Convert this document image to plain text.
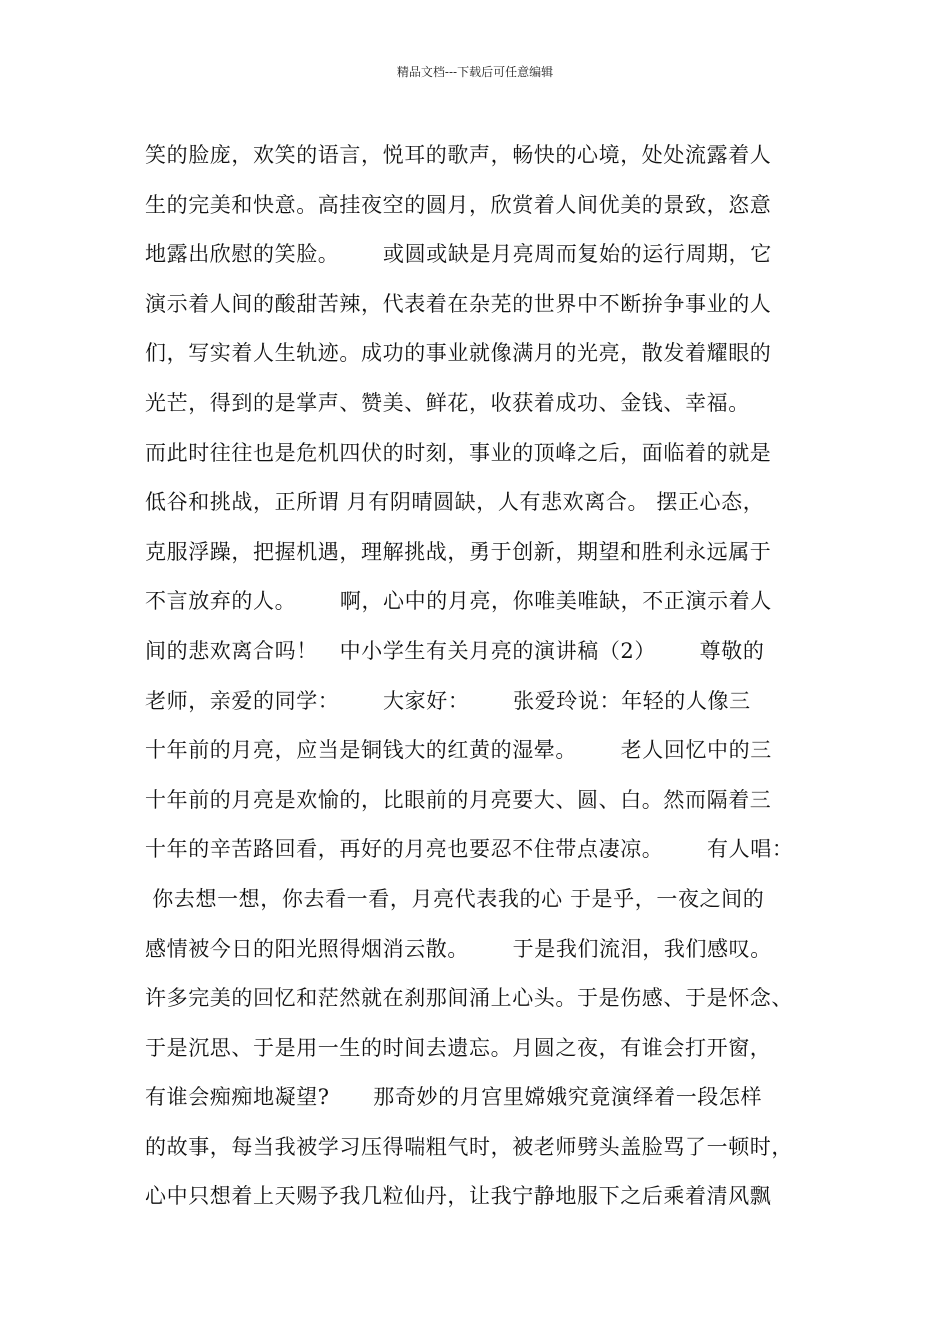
精品文档---下载后可任意编辑
笑的脸庞，欢笑的语言，悦耳的歌声，畅快的心境，处处流露着人
生的完美和快意。高挂夜空的圆月，欣赏着人间优美的景致，恣意
地露出欣慰的笑脸。      或圆或缺是月亮周而复始的运行周期，它
演示着人间的酸甜苦辣，代表着在杂芜的世界中不断拚争事业的人
们，写实着人生轨迹。成功的事业就像满月的光亮，散发着耀眼的
光芒，得到的是掌声、赞美、鲜花，收获着成功、金钱、幸福。
而此时往往也是危机四伏的时刻，事业的顶峰之后，面临着的就是
低谷和挑战，正所谓 月有阴晴圆缺，人有悲欢离合。 摆正心态，
克服浮躁，把握机遇，理解挑战，勇于创新，期望和胜利永远属于
不言放弃的人。      啊，心中的月亮，你唯美唯缺，不正演示着人
间的悲欢离合吗！   中小学生有关月亮的演讲稿（2）      尊敬的
老师，亲爱的同学：      大家好：      张爱玲说：年轻的人像三
十年前的月亮，应当是铜钱大的红黄的湿晕。      老人回忆中的三
十年前的月亮是欢愉的，比眼前的月亮要大、圆、白。然而隔着三
十年的辛苦路回看，再好的月亮也要忍不住带点凄凉。      有人唱：
你去想一想，你去看一看，月亮代表我的心 于是乎，一夜之间的
感情被今日的阳光照得烟消云散。      于是我们流泪，我们感叹。
许多完美的回忆和茫然就在刹那间涌上心头。于是伤感、于是怀念、
于是沉思、于是用一生的时间去遗忘。月圆之夜，有谁会打开窗，
有谁会痴痴地凝望?      那奇妙的月宫里嫦娥究竟演绎着一段怎样
的故事，每当我被学习压得喘粗气时，被老师劈头盖脸骂了一顿时，
心中只想着上天赐予我几粒仙丹，让我宁静地服下之后乘着清风飘
